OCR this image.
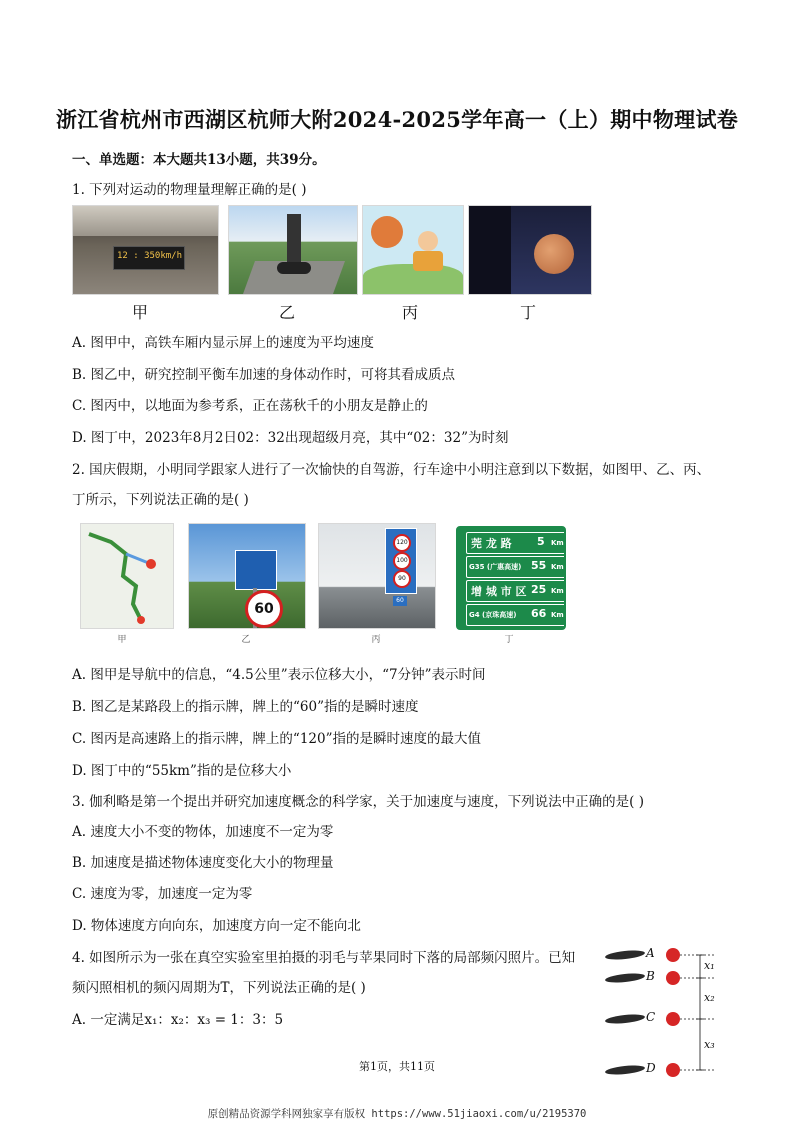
浙江省杭州市西湖区杭师大附2024-2025学年高一（上）期中物理试卷
一、单选题：本大题共13小题，共39分。
1. 下列对运动的物理量理解正确的是( )
12 : 350km/h
甲	乙	丙	丁
A. 图甲中，高铁车厢内显示屏上的速度为平均速度
B. 图乙中，研究控制平衡车加速的身体动作时，可将其看成质点
C. 图丙中，以地面为参考系，正在荡秋千的小朋友是静止的
D. 图丁中，2023年8月2日02：32出现超级月亮，其中“02：32”为时刻
2. 国庆假期，小明同学跟家人进行了一次愉快的自驾游，行车途中小明注意到以下数据，如图甲、乙、丙、
丁所示，下列说法正确的是( )
60
120
100
90
60
莞 龙 路 5 Km
G35 (广惠高速) 55 Km
增 城 市 区 25 Km
G4 (京珠高速) 66 Km
甲	乙	丙	丁
A. 图甲是导航中的信息，“4.5公里”表示位移大小，“7分钟”表示时间
B. 图乙是某路段上的指示牌，牌上的“60”指的是瞬时速度
C. 图丙是高速路上的指示牌，牌上的“120”指的是瞬时速度的最大值
D. 图丁中的“55km”指的是位移大小
3. 伽利略是第一个提出并研究加速度概念的科学家，关于加速度与速度，下列说法中正确的是( )
A. 速度大小不变的物体，加速度不一定为零
B. 加速度是描述物体速度变化大小的物理量
C. 速度为零，加速度一定为零
D. 物体速度方向向东，加速度方向一定不能向北
4. 如图所示为一张在真空实验室里拍摄的羽毛与苹果同时下落的局部频闪照片。已知
频闪照相机的频闪周期为T，下列说法正确的是( )
A. 一定满足x₁：x₂：x₃ = 1：3：5
A
B
C
D
x₁
x₂
x₃
第1页，共11页
原创精品资源学科网独家享有版权 https://www.51jiaoxi.com/u/2195370
